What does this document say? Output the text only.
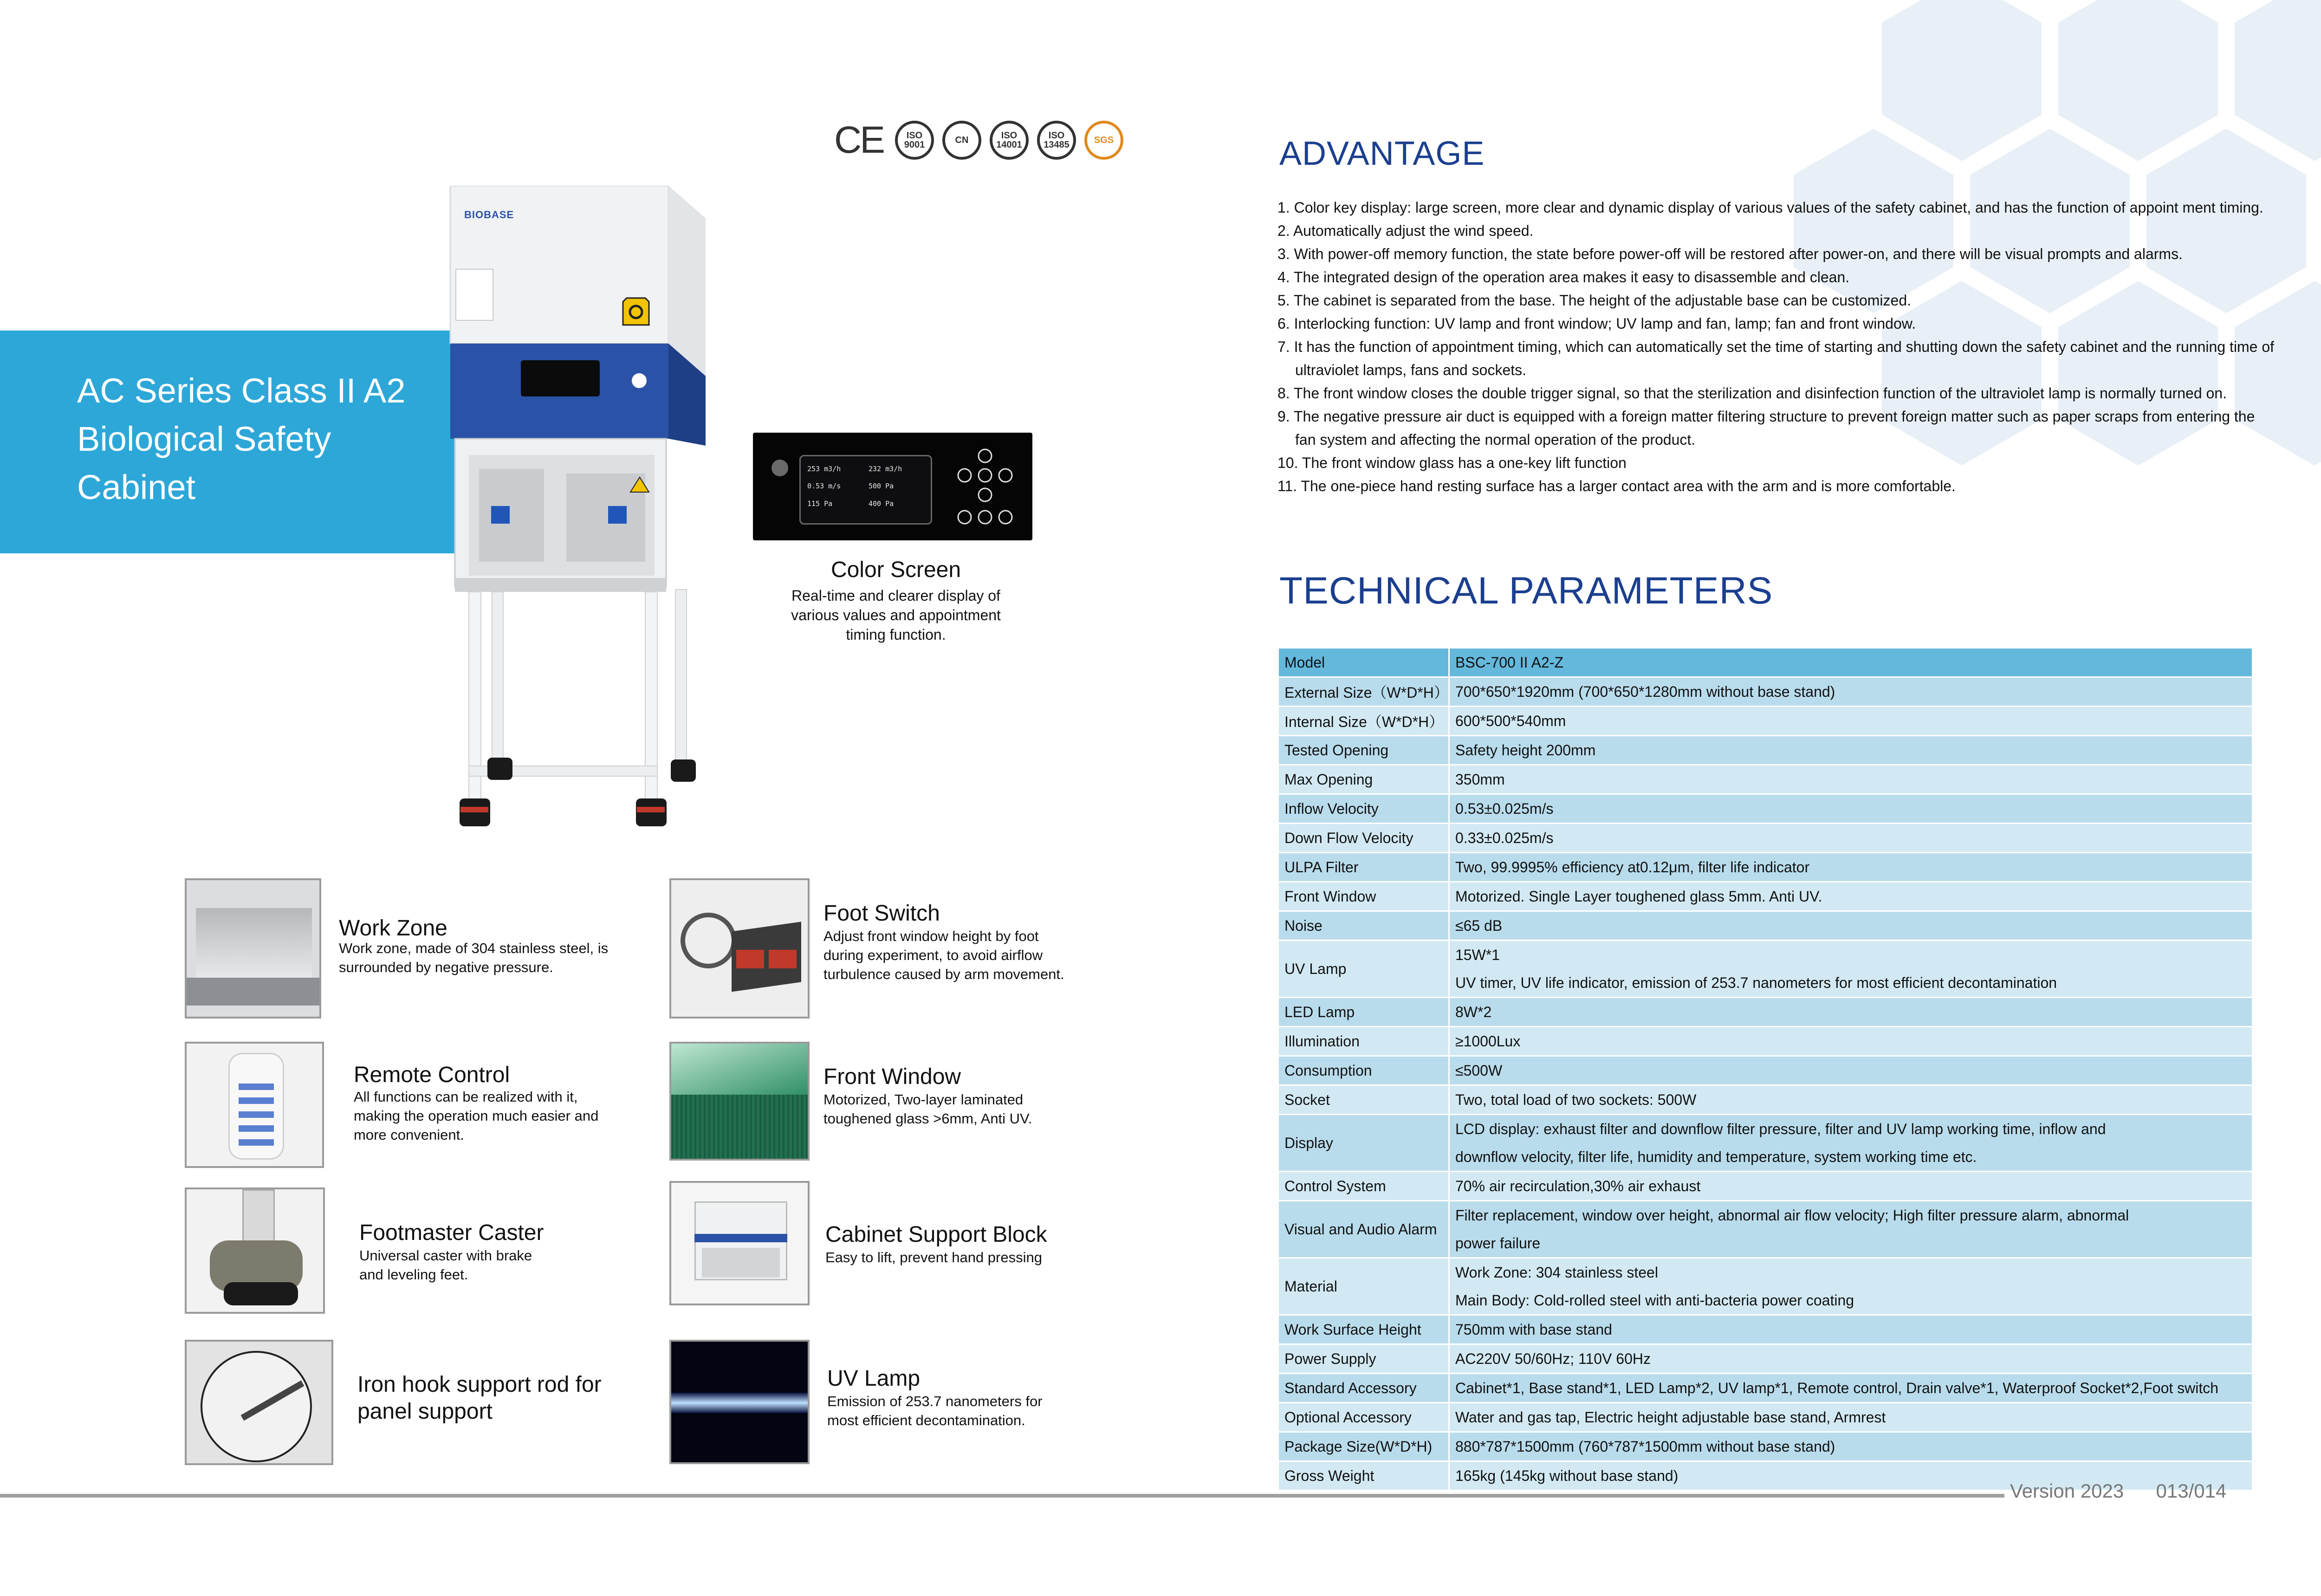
CE	ISO 9001	CN	ISO 14001
ISO 13485	SGS
AC Series Class II A2
Biological Safety
Cabinet
BIOBASE
253 m3/h	232 m3/h
0.53 m/s	500 Pa
115 Pa	400 Pa
Color Screen
Real-time and clearer display of various values and appointment timing function.
Work Zone
Work zone, made of 304 stainless steel, is surrounded by negative pressure.
Foot Switch
Adjust front window height by foot during experiment, to avoid airflow turbulence caused by arm movement.
Remote Control
All functions can be realized with it, making the operation much easier and more convenient.
Front Window
Motorized, Two-layer laminated toughened glass >6mm, Anti UV.
Footmaster Caster
Universal caster with brake and leveling feet.
Cabinet Support Block
Easy to lift, prevent hand pressing
Iron hook support rod for panel support
UV Lamp
Emission of 253.7 nanometers for most efficient decontamination.
ADVANTAGE
1. Color key display: large screen, more clear and dynamic display of various values of the safety cabinet, and has the function of appoint ment timing.
2. Automatically adjust the wind speed.
3. With power-off memory function, the state before power-off will be restored after power-on, and there will be visual prompts and alarms.
4. The integrated design of the operation area makes it easy to disassemble and clean.
5. The cabinet is separated from the base. The height of the adjustable base can be customized.
6. Interlocking function: UV lamp and front window; UV lamp and fan, lamp; fan and front window.
7. It has the function of appointment timing, which can automatically set the time of starting and shutting down the safety cabinet and the running time of ultraviolet lamps, fans and sockets.
8. The front window closes the double trigger signal, so that the sterilization and disinfection function of the ultraviolet lamp is normally turned on.
9. The negative pressure air duct is equipped with a foreign matter filtering structure to prevent foreign matter such as paper scraps from entering the fan system and affecting the normal operation of the product.
10. The front window glass has a one-key lift function
11. The one-piece hand resting surface has a larger contact area with the arm and is more comfortable.
TECHNICAL PARAMETERS
Model	BSC-700 II A2-Z

External Size（W*D*H）	700*650*1920mm (700*650*1280mm without base stand)

Internal Size（W*D*H）	600*500*540mm

Tested Opening	Safety height 200mm

Max Opening	350mm

Inflow Velocity	0.53±0.025m/s

Down Flow Velocity	0.33±0.025m/s

ULPA Filter	Two, 99.9995% efficiency at0.12μm, filter life indicator

Front Window	Motorized. Single Layer toughened glass 5mm. Anti UV.

Noise	≤65 dB

UV Lamp	15W*1
UV timer, UV life indicator, emission of 253.7 nanometers for most efficient decontamination

LED Lamp	8W*2

Illumination	≥1000Lux

Consumption	≤500W

Socket	Two, total load of two sockets: 500W

Display	LCD display: exhaust filter and downflow filter pressure, filter and UV lamp working time, inflow and
downflow velocity, filter life, humidity and temperature, system working time etc.

Control System	70% air recirculation,30% air exhaust

Visual and Audio Alarm	Filter replacement, window over height, abnormal air flow velocity; High filter pressure alarm, abnormal
power failure

Material	Work Zone: 304 stainless steel
Main Body: Cold-rolled steel with anti-bacteria power coating

Work Surface Height	750mm with base stand

Power Supply	AC220V 50/60Hz; 110V 60Hz

Standard Accessory	Cabinet*1, Base stand*1, LED Lamp*2, UV lamp*1, Remote control, Drain valve*1, Waterproof Socket*2,Foot switch

Optional Accessory	Water and gas tap, Electric height adjustable base stand, Armrest

Package Size(W*D*H)	880*787*1500mm (760*787*1500mm without base stand)

Gross Weight	165kg (145kg without base stand)
Version 2023 013/014
